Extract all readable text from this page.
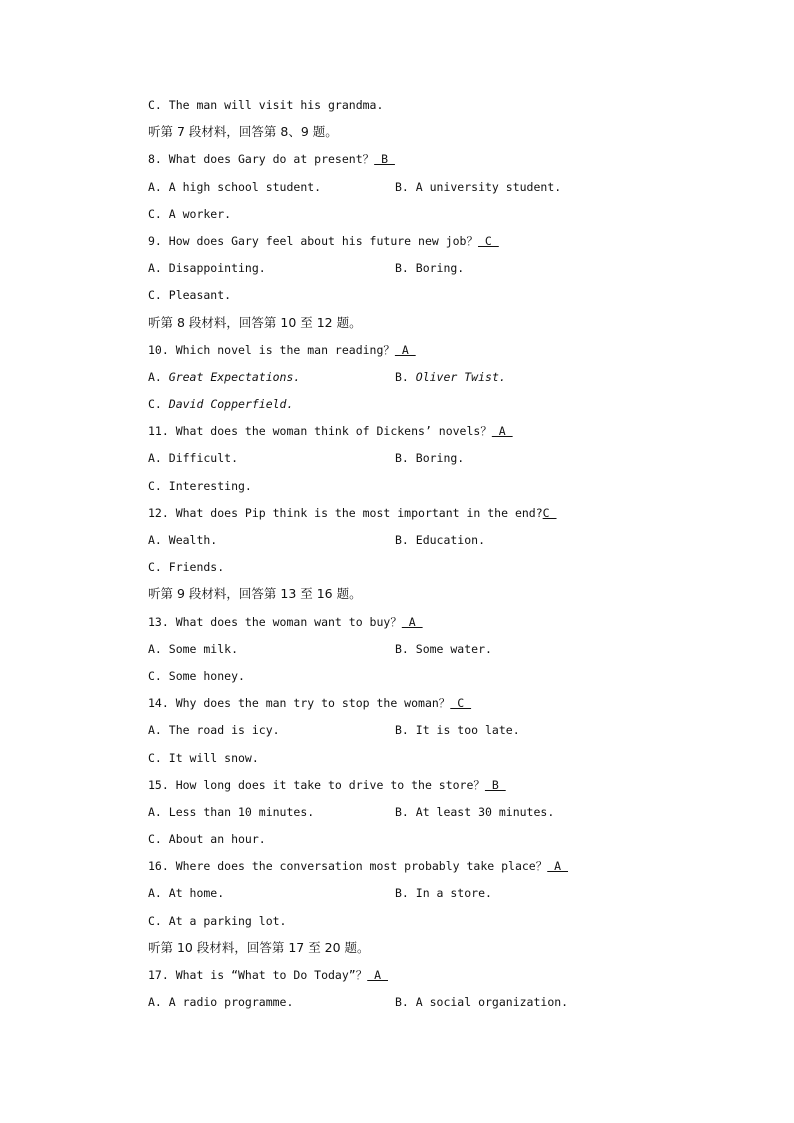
C. The man will visit his grandma.
听第 7 段材料，回答第 8、9 题。
8. What does Gary do at present？ B
A. A high school student.	B. A university student.
C. A worker.
9. How does Gary feel about his future new job？ C
A. Disappointing.	B. Boring.
C. Pleasant.
听第 8 段材料，回答第 10 至 12 题。
10. Which novel is the man reading？ A
A. Great Expectations.	B. Oliver Twist.
C. David Copperfield.
11. What does the woman think of Dickens’ novels？ A
A. Difficult.	B. Boring.
C. Interesting.
12. What does Pip think is the most important in the end?C
A. Wealth.	B. Education.
C. Friends.
听第 9 段材料，回答第 13 至 16 题。
13. What does the woman want to buy？ A
A. Some milk.	B. Some water.
C. Some honey.
14. Why does the man try to stop the woman？ C
A. The road is icy.	B. It is too late.
C. It will snow.
15. How long does it take to drive to the store？ B
A. Less than 10 minutes.	B. At least 30 minutes.
C. About an hour.
16. Where does the conversation most probably take place？ A
A. At home.	B. In a store.
C. At a parking lot.
听第 10 段材料，回答第 17 至 20 题。
17. What is “What to Do Today”？ A
A. A radio programme.	B. A social organization.
